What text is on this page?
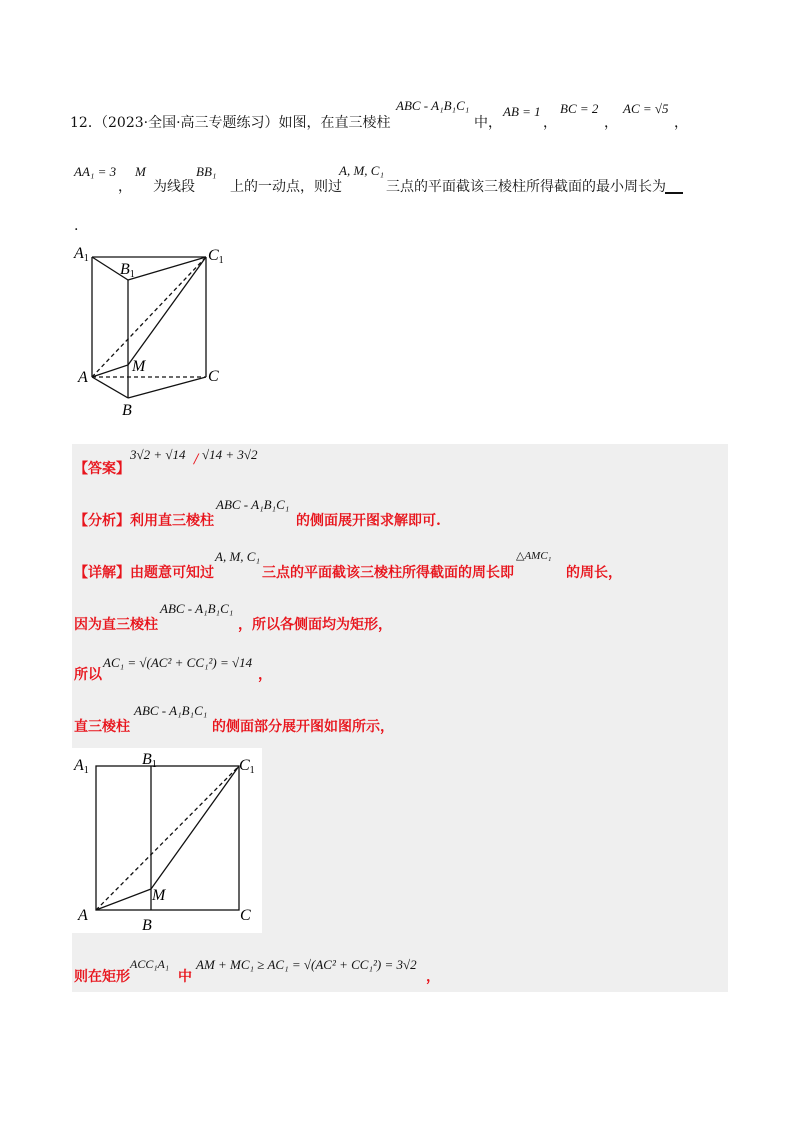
12．
（2023·全国·高三专题练习）如图，在直三棱柱
ABC - A₁B₁C₁
中，
AB = 1
，
BC = 2
，
AC = √5
，
AA₁ = 3
，
M
为线段
BB₁
上的一动点，则过
A, M, C₁
三点的平面截该三棱柱所得截面的最小周长为
.
A1
B1
C1
M
A	C
B
【答案】
3√2 + √14 / √14 + 3√2
【分析】 利用直三棱柱
ABC - A₁B₁C₁
的侧面展开图求解即可.
【详解】 由题意可知过
A, M, C₁
三点的平面截该三棱柱所得截面的周长即
△AMC₁
的周长，
因为直三棱柱
ABC - A₁B₁C₁
，所以各侧面均为矩形，
所以
AC₁ = √(AC² + CC₁²) = √14
，
直三棱柱
ABC - A₁B₁C₁
的侧面部分展开图如图所示，
A1
B1	C1
M
A
B
C
则在矩形
ACC₁A₁
中
AM + MC₁ ≥ AC₁ = √(AC² + CC₁²) = 3√2
，
